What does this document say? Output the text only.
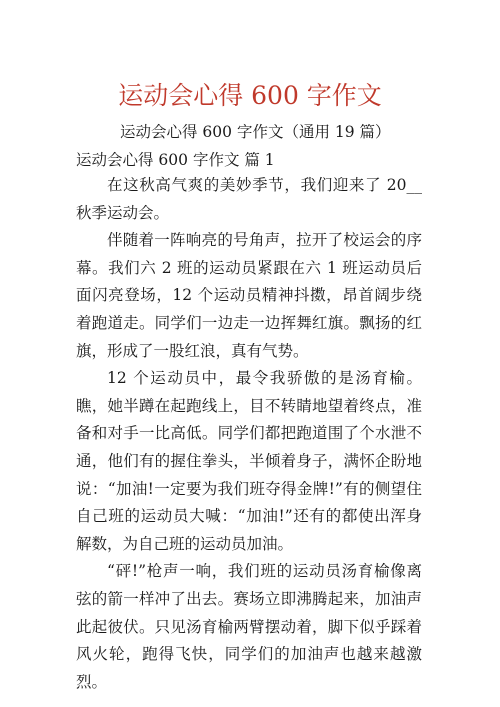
运动会心得 600 字作文
运动会心得 600 字作文（通用 19 篇）
运动会心得 600 字作文 篇 1

在这秋高气爽的美妙季节，我们迎来了 20__秋季运动会。

伴随着一阵响亮的号角声，拉开了校运会的序幕。我们六 2 班的运动员紧跟在六 1 班运动员后面闪亮登场，12 个运动员精神抖擞，昂首阔步绕着跑道走。同学们一边走一边挥舞红旗。飘扬的红旗，形成了一股红浪，真有气势。

12 个运动员中，最令我骄傲的是汤育榆。瞧，她半蹲在起跑线上，目不转睛地望着终点，准备和对手一比高低。同学们都把跑道围了个水泄不通，他们有的握住拳头，半倾着身子，满怀企盼地说：“加油!一定要为我们班夺得金牌!”有的侧望住自己班的运动员大喊：“加油!”还有的都使出浑身解数，为自己班的运动员加油。

“砰!”枪声一响，我们班的运动员汤育榆像离弦的箭一样冲了出去。赛场立即沸腾起来，加油声此起彼伏。只见汤育榆两臂摆动着，脚下似乎踩着风火轮，跑得飞快，同学们的加油声也越来越激烈。
